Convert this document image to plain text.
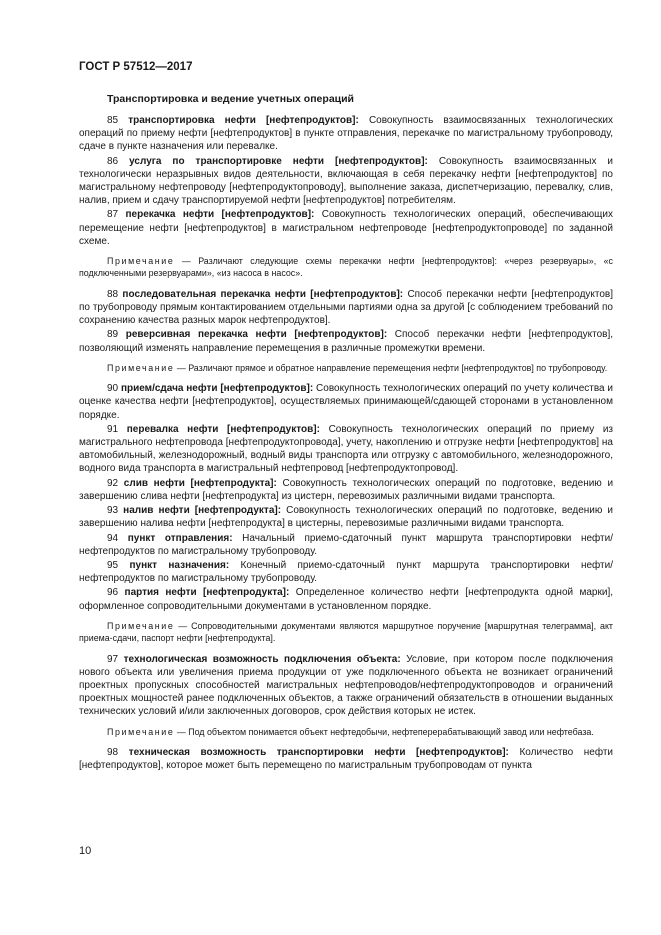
ГОСТ Р 57512—2017
Транспортировка и ведение учетных операций

85 транспортировка нефти [нефтепродуктов]: Совокупность взаимосвязанных технологических операций по приему нефти [нефтепродуктов] в пункте отправления, перекачке по магистральному трубопроводу, сдаче в пункте назначения или перевалке.

86 услуга по транспортировке нефти [нефтепродуктов]: Совокупность взаимосвязанных и технологически неразрывных видов деятельности, включающая в себя перекачку нефти [нефтепродуктов] по магистральному нефтепроводу [нефтепродуктопроводу], выполнение заказа, диспетчеризацию, перевалку, слив, налив, прием и сдачу транспортируемой нефти [нефтепродуктов] потребителям.

87 перекачка нефти [нефтепродуктов]: Совокупность технологических операций, обеспечивающих перемещение нефти [нефтепродуктов] в магистральном нефтепроводе [нефтепродуктопроводе] по заданной схеме.

Примечание — Различают следующие схемы перекачки нефти [нефтепродуктов]: «через резервуары», «с подключенными резервуарами», «из насоса в насос».

88 последовательная перекачка нефти [нефтепродуктов]: Способ перекачки нефти [нефтепродуктов] по трубопроводу прямым контактированием отдельными партиями одна за другой [с соблюдением требований по сохранению качества разных марок нефтепродуктов].

89 реверсивная перекачка нефти [нефтепродуктов]: Способ перекачки нефти [нефтепродуктов], позволяющий изменять направление перемещения в различные промежутки времени.

Примечание — Различают прямое и обратное направление перемещения нефти [нефтепродуктов] по трубопроводу.

90 прием/сдача нефти [нефтепродуктов]: Совокупность технологических операций по учету количества и оценке качества нефти [нефтепродуктов], осуществляемых принимающей/сдающей сторонами в установленном порядке.

91 перевалка нефти [нефтепродуктов]: Совокупность технологических операций по приему из магистрального нефтепровода [нефтепродуктопровода], учету, накоплению и отгрузке нефти [нефтепродуктов] на автомобильный, железнодорожный, водный виды транспорта или отгрузку с автомобильного, железнодорожного, водного вида транспорта в магистральный нефтепровод [нефтепродуктопровод].

92 слив нефти [нефтепродукта]: Совокупность технологических операций по подготовке, ведению и завершению слива нефти [нефтепродукта] из цистерн, перевозимых различными видами транспорта.

93 налив нефти [нефтепродукта]: Совокупность технологических операций по подготовке, ведению и завершению налива нефти [нефтепродукта] в цистерны, перевозимые различными видами транспорта.

94 пункт отправления: Начальный приемо-сдаточный пункт маршрута транспортировки нефти/нефтепродуктов по магистральному трубопроводу.

95 пункт назначения: Конечный приемо-сдаточный пункт маршрута транспортировки нефти/нефтепродуктов по магистральному трубопроводу.

96 партия нефти [нефтепродукта]: Определенное количество нефти [нефтепродукта одной марки], оформленное сопроводительными документами в установленном порядке.

Примечание — Сопроводительными документами являются маршрутное поручение [маршрутная телеграмма], акт приема-сдачи, паспорт нефти [нефтепродукта].

97 технологическая возможность подключения объекта: Условие, при котором после подключения нового объекта или увеличения приема продукции от уже подключенного объекта не возникает ограничений проектных пропускных способностей магистральных нефтепроводов/нефтепродуктопроводов и ограничений проектных мощностей ранее подключенных объектов, а также ограничений обязательств в отношении выданных технических условий и/или заключенных договоров, срок действия которых не истек.

Примечание — Под объектом понимается объект нефтедобычи, нефтеперерабатывающий завод или нефтебаза.

98 техническая возможность транспортировки нефти [нефтепродуктов]: Количество нефти [нефтепродуктов], которое может быть перемещено по магистральным трубопроводам от пункта

10
